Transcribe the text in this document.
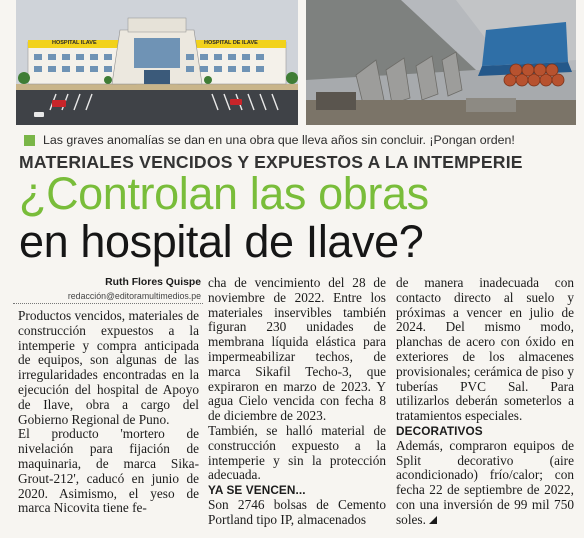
HOSPITAL ILAVE	HOSPITAL DE ILAVE
Las graves anomalías se dan en una obra que lleva años sin concluir. ¡Pongan orden!
MATERIALES VENCIDOS Y EXPUESTOS A LA INTEMPERIE
¿Controlan las obras
en hospital de Ilave?
Ruth Flores Quispe
redacción@editoramultimedios.pe

Productos vencidos, materiales de construcción expuestos a la intemperie y compra anticipada de equipos, son algunas de las irregularidades encontradas en la ejecución del hospital de Apoyo de Ilave, obra a cargo del Gobierno Regional de Puno.

El producto 'mortero de nivelación para fijación de maquinaria, de marca Sika-Grout-212', caducó en junio de 2020. Asimismo, el yeso de marca Nicovita tiene fe-

cha de vencimiento del 28 de noviembre de 2022. Entre los materiales inservibles también figuran 230 unidades de membrana líquida elástica para impermeabilizar techos, de marca Sikafil Techo-3, que expiraron en marzo de 2023. Y agua Cielo vencida con fecha 8 de diciembre de 2023.

También, se halló material de construcción expuesto a la intemperie y sin la protección adecuada.

YA SE VENCEN...

Son 2746 bolsas de Cemento Portland tipo IP, almacenados

de manera inadecuada con contacto directo al suelo y próximas a vencer en julio de 2024. Del mismo modo, planchas de acero con óxido en exteriores de los almacenes provisionales; cerámica de piso y tuberías PVC Sal. Para utilizarlos deberán someterlos a tratamientos especiales.

DECORATIVOS

Además, compraron equipos de Split decorativo (aire acondicionado) frío/calor; con fecha 22 de septiembre de 2022, con una inversión de 99 mil 750 soles.
